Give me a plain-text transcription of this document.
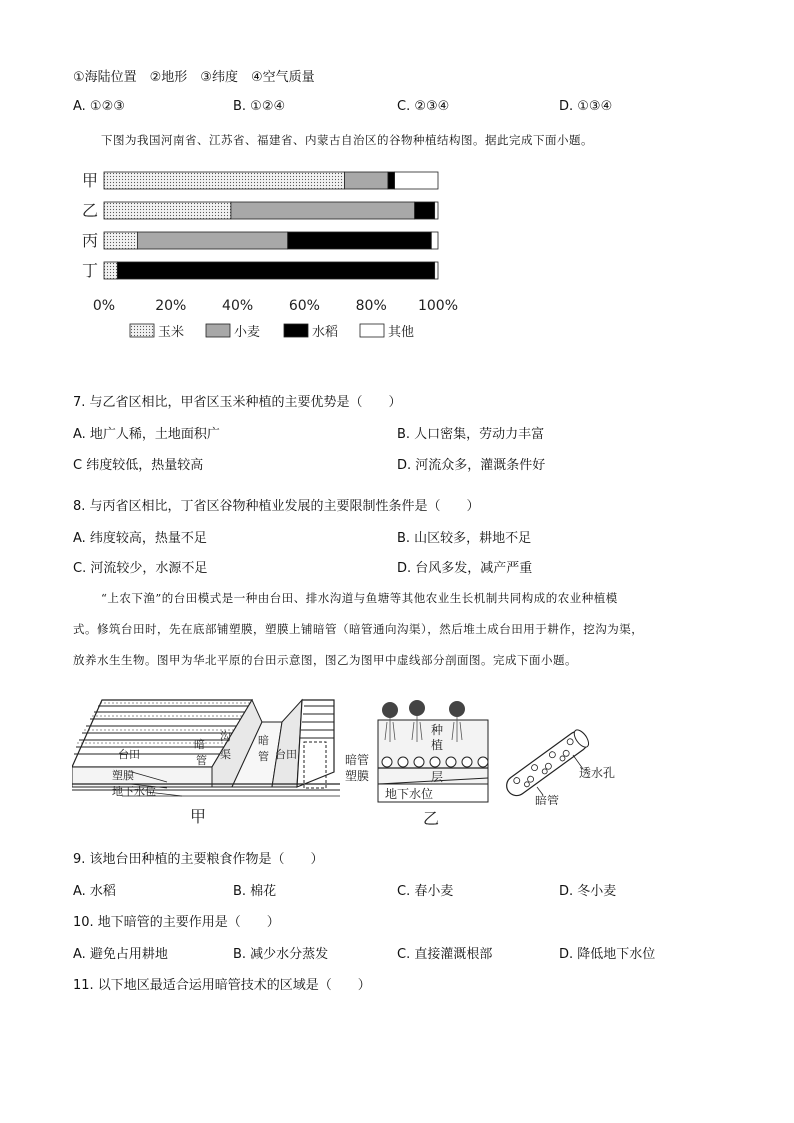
①海陆位置　②地形　③纬度　④空气质量
A. ①②③	B. ①②④	C. ②③④	D. ①③④
下图为我国河南省、江苏省、福建省、内蒙古自治区的谷物种植结构图。据此完成下面小题。
甲
乙
丙
丁
0%	20%	40%	60%	80% 100%
玉米	小麦	水稻	其他
7. 与乙省区相比，甲省区玉米种植的主要优势是（　　）
A. 地广人稀，土地面积广	B. 人口密集，劳动力丰富
C 纬度较低，热量较高	D. 河流众多，灌溉条件好
8. 与丙省区相比，丁省区谷物种植业发展的主要限制性条件是（　　）
A. 纬度较高，热量不足	B. 山区较多，耕地不足
C. 河流较少，水源不足	D. 台风多发，减产严重
“上农下渔”的台田模式是一种由台田、排水沟道与鱼塘等其他农业生长机制共同构成的农业种植模
式。修筑台田时，先在底部铺塑膜，塑膜上铺暗管（暗管通向沟渠），然后堆土成台田用于耕作，挖沟为渠，
放养水生生物。图甲为华北平原的台田示意图，图乙为图甲中虚线部分剖面图。完成下面小题。
台田	台田
暗
管
沟
渠
暗
管
塑膜
地下水位
甲
种
植
层
暗管
塑膜
地下水位
乙
透水孔
暗管
9. 该地台田种植的主要粮食作物是（　　）
A. 水稻	B. 棉花	C. 春小麦	D. 冬小麦
10. 地下暗管的主要作用是（　　）
A. 避免占用耕地	B. 减少水分蒸发	C. 直接灌溉根部	D. 降低地下水位
11. 以下地区最适合运用暗管技术的区域是（　　）
